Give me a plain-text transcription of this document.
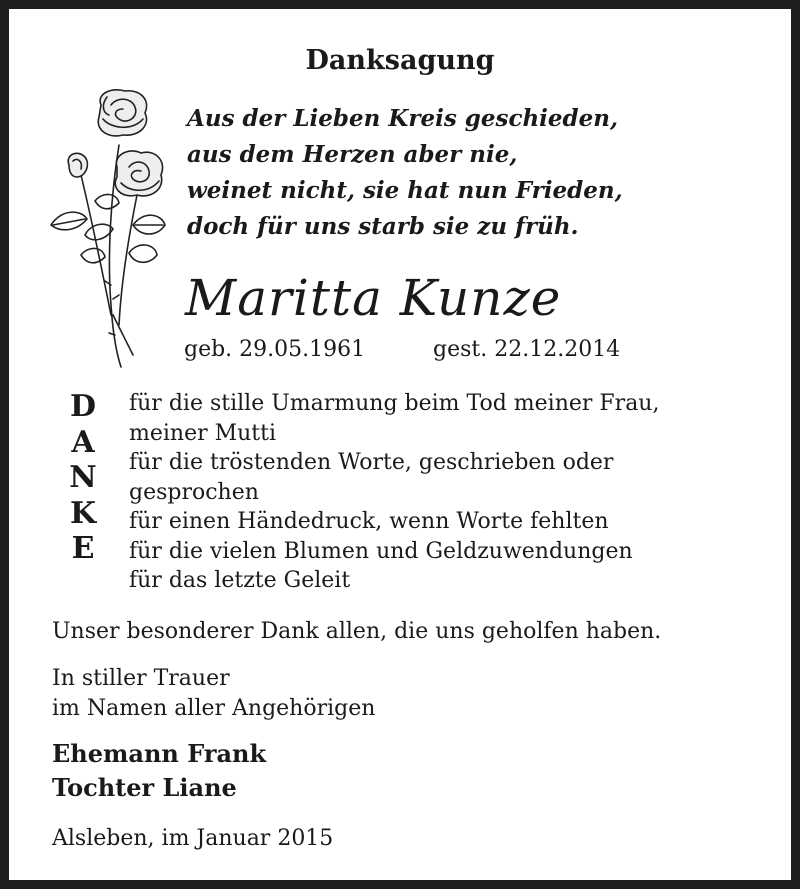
Danksagung
Aus der Lieben Kreis geschieden,
aus dem Herzen aber nie,
weinet nicht, sie hat nun Frieden,
doch für uns starb sie zu früh.
Maritta Kunze
geb. 29.05.1961	gest. 22.12.2014
D
A
N
K
E
für die stille Umarmung beim Tod meiner Frau,
meiner Mutti
für die tröstenden Worte, geschrieben oder
gesprochen
für einen Händedruck, wenn Worte fehlten
für die vielen Blumen und Geldzuwendungen
für das letzte Geleit
Unser besonderer Dank allen, die uns geholfen haben.
In stiller Trauer
im Namen aller Angehörigen
Ehemann Frank
Tochter Liane
Alsleben, im Januar 2015
